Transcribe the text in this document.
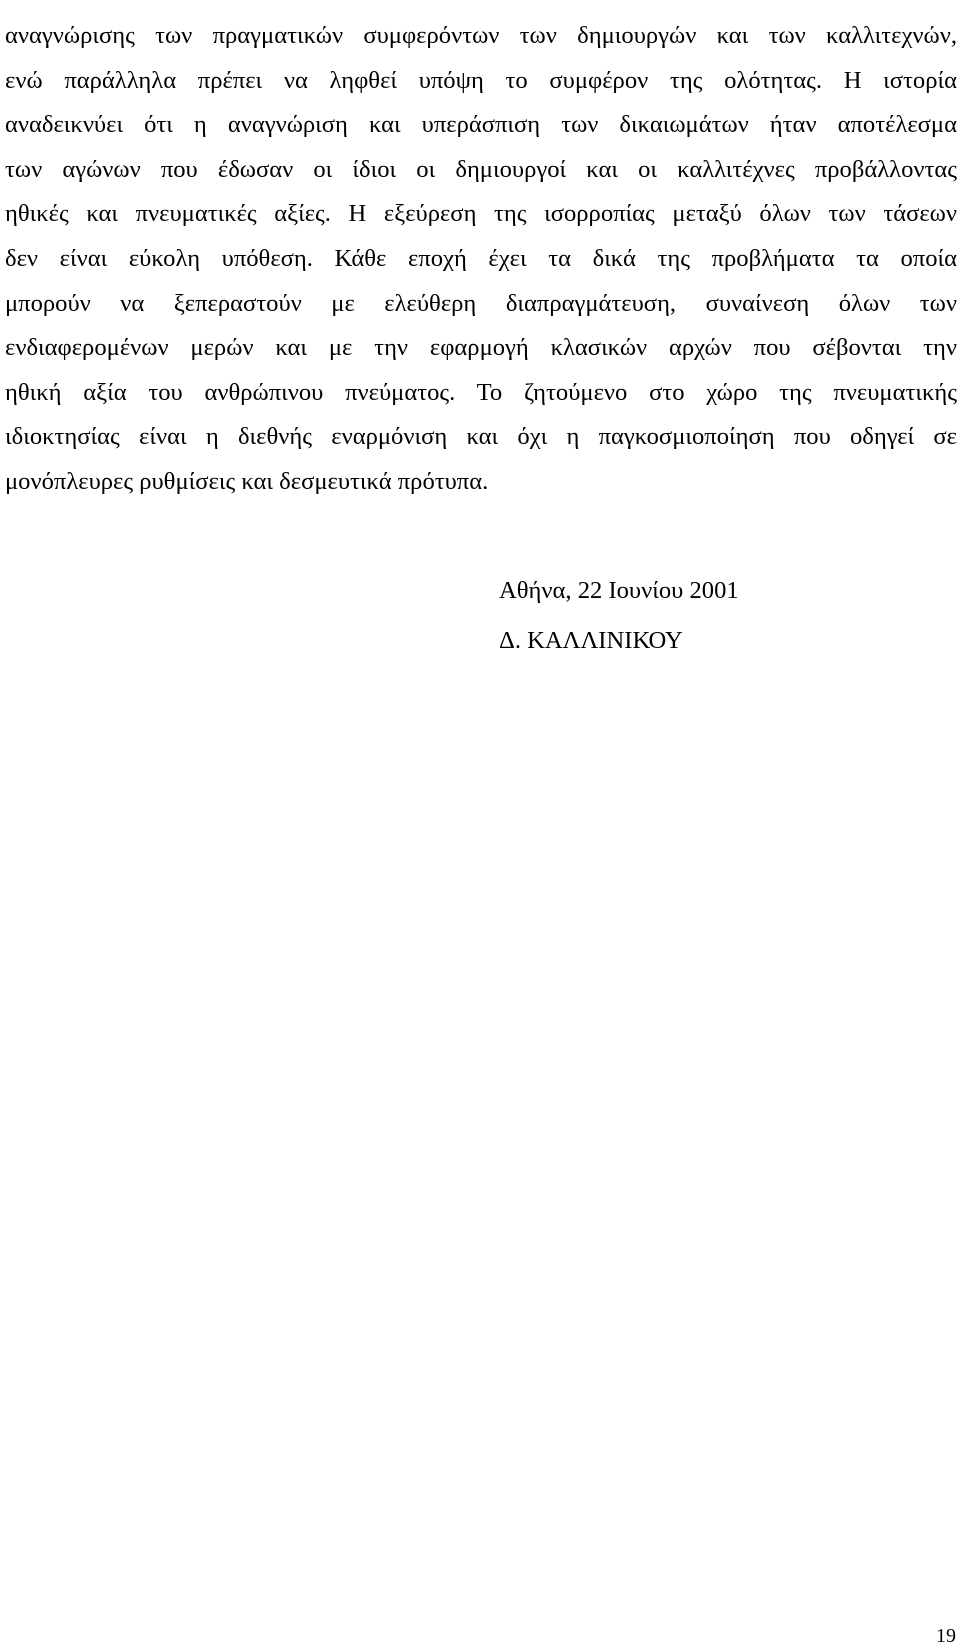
αναγνώρισης των πραγματικών συμφερόντων των δημιουργών και των καλλιτεχνών,
ενώ παράλληλα πρέπει να ληφθεί υπόψη το συμφέρον της ολότητας. Η ιστορία
αναδεικνύει ότι η αναγνώριση και υπεράσπιση των δικαιωμάτων ήταν αποτέλεσμα
των αγώνων που έδωσαν οι ίδιοι οι δημιουργοί και οι καλλιτέχνες προβάλλοντας
ηθικές και πνευματικές αξίες. Η εξεύρεση της ισορροπίας μεταξύ όλων των τάσεων
δεν είναι εύκολη υπόθεση. Κάθε εποχή έχει τα δικά της προβλήματα τα οποία
μπορούν να ξεπεραστούν με ελεύθερη διαπραγμάτευση, συναίνεση όλων των
ενδιαφερομένων μερών και με την εφαρμογή κλασικών αρχών που σέβονται την
ηθική αξία του ανθρώπινου πνεύματος. Το ζητούμενο στο χώρο της πνευματικής
ιδιοκτησίας είναι η διεθνής εναρμόνιση και όχι η παγκοσμιοποίηση που οδηγεί σε
μονόπλευρες ρυθμίσεις και δεσμευτικά πρότυπα.

Αθήνα, 22 Ιουνίου 2001
Δ. ΚΑΛΛΙΝΙΚΟΥ
19
